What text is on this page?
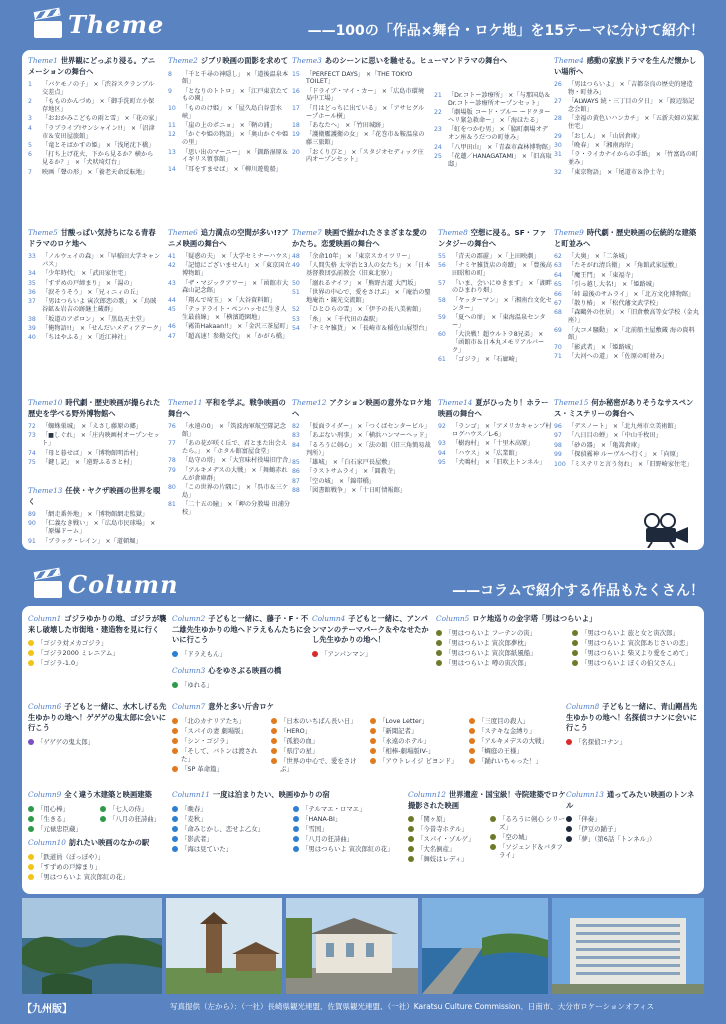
Theme	——100の「作品×舞台・ロケ地」を15テーマに分けて紹介！
Theme1 世界観にどっぷり浸る。アニメーションの舞台へ
1	「バケモノの子」 ×「渋谷スクランブル交差点」
2	「もものかんづめ」 ×「御手洗町立小保存地区」
3	「おおかみこどもの雨と雪」 ×「花の家」
4	「ラブライブ!サンシャイン!!」 ×「沼津市＆安田屋旅館」
5	「竜とそばかすの姫」 ×「浅尾沈下橋」
6	「打ち上げ花火、下から見るか？横から見るか？」 ×「犬吠埼灯台」
7	映画「聲の形」 ×「養老天命反転地」
Theme2 ジブリ映画の面影を求めて
8	「千と千尋の神隠し」 ×「道後温泉本館」
9	「となりのトトロ」 ×「江戸東京たてもの園」
10 「もののけ姫」 ×「屋久島白谷雲水峡」
11 「崖の上のポニョ」 ×「鞆の浦」
12 「かぐや姫の物語」 ×「奥山かぐや姫の里」
13 「思い出のマーニー」 ×「釧路湿原＆イギリス領事館」
14 「耳をすませば」 ×「柳川遊覧船」
Theme3 あのシーンに思いを馳せる。ヒューマンドラマの舞台へ
15 「PERFECT DAYS」 ×「THE TOKYO TOILET」
16 「ドライブ・マイ・カー」 ×「広島市環境局中工場」
17 「月はどっちに出ている」 ×「アサヒグループホール横」
18 「あなたへ」 ×「竹田城跡」
19 「護衛艦護衛の女」 ×「花巻市＆鞍温泉の藤三旅館」
20 「おくりびと」 ×「スタジオセディック庄内オープンセット」
21 「Dr.コトー診療所」 ×「与那国島＆Dr.コトー診療所オープンセット」
22 「劇場版 コード・ブルー ードクターヘリ緊急救命ー」 ×「海ほたる」
23 「虹をつかむ男」 ×「脇町劇場オデオン座＆うだつの町並み」
24 「八甲田山」 ×「青森市森林博物館」
25 「花蓮／HANAGATAMI」 ×「旧高取邸」
Theme4 感動の家族ドラマを生んだ懐かしい場所へ
26 「男はつらいよ」 ×「吉都奈良の歴史的建造物・町並み」
27 「ALWAYS 続・三丁目の夕日」 ×「渡辺翁記念会館」
28 「幸福の黄色いハンカチ」 ×「五新夫婦の炭鉱住宅」
29 「おしん」 ×「山居倉庫」
30 「晩春」 ×「湘南海岸」
31 「ラ・ライカナイからの手紙」 ×「竹富島の町並み」
32 「東京物語」 ×「尾道市＆浄土寺」
Theme5 甘酸っぱい気持ちになる青春ドラマのロケ地へ
33 「ノルウェイの森」 ×「早稲田大学キャンパス」
34 「少年時代」 ×「武田家住宅」
35 「すずめの戸締まり」 ×「湯の」
36 「涙そうそう」 ×「兄ィニィの丘」
37 「男はつらいよ 寅次郎恋の歌」 ×「烏賊谷鉱＆岩吉の跡継土蔵群」
38 「坂道のアポロン」 ×「黒島天主堂」
39 「俺物語!!」 ×「せんだいメディアテーク」
40 「ちはやふる」 ×「近江神社」
Theme6 追力満点の空間が多い!?アニメ映画の舞台へ
41 「疑惑の夫」 ×「大学セミナーハウス」
42 「記憶にございません!」 ×「東京国立博物館」
43 「ザ・マジックアワー」 ×「函館市大森山記念館」
44 「翔んで埼玉」 ×「大谷資料館」
45 「テッドライト・ペンハッセに生き人生最前線」 ×「横濱遊園地」
46 「霧笛Hakaan!!」 ×「金沢三茶屋町」
47 「超高速！参勤交代」 ×「かがら橋」
Theme7 映画で描かれたさまざまな愛のかたち。恋愛映画の舞台へ
48 「余命10年」 ×「東京スカイツリー」
49 「人間失格 太宰治と3人の女たち」 ×「日本基督教団弘前教会（旧東北寮）」
50 「溺れるナイフ」 ×「熊野古道 大門坂」
51 「世界の中心で、愛をさけぶ」 ×「庵治の聖地庵治・観光交流館」
52 「ひとひらの雪」 ×「伊予の長八美術館」
53 「糸」 ×「千代田の森駅」
54 「ナミヤ雑貨」 ×「長崎市＆稲佐山展望台」
Theme8 空想に浸る。SF・ファンタジーの舞台へ
55 「青天の霹靂」 ×「上田映劇」
56 「ナミヤ雑貨店の奇蹟」 ×「豊後高田昭和の町」
57 「いま、会いにゆきます」 ×「湖畔のひまわり畑」
58 「ヤッターマン」 ×「湘南台文化センター」
59 「夏への扉」 ×「東海温泉センター」
60 「大決戦！超ウルトラ8兄弟」 ×「函館市＆日本丸メモリアルパーク」
61 「ゴジラ」 ×「石廊崎」
Theme9 時代劇・歴史映画の伝統的な建築と町並みへ
62 「大奥」 ×「二条城」
63 「たそがれ清兵衛」 ×「角館武家屋敷」
64 「魔王門」 ×「東福寺」
65 「引っ越し大名!」 ×「姫路城」
66 「峠 最後のサムライ」 ×「北方文化博物館」
67 「散り椿」 ×「松代藩文武学校」
68 「森鷗外の住居」 ×「旧倉敷高等女学校（金丸座）」
69 「大コメ騒動」 ×「北前船主屋敷蔵 海の資料館」
70 「影武者」 ×「姫路城」
71 「大河への道」 ×「佐原の町並み」
Theme10 時代劇・歴史映画が撮られた歴史を学べる野外博物館へ
72 「蜘蛛巣城」 ×「えさし藤原の郷」
73 「■しぐれ」 ×「庄内映画村オープンセット」
74 「母と暮せば」 ×「博物館明治村」
75 「鍵し記」 ×「遠野ふるさと村」
Theme13 任侠・ヤクザ映画の世界を覗く
89 「網走番外地」 ×「博物館網走監獄」
90 「仁義なき戦い」 ×「広島市民球場」 ×「原爆ドーム」
91 「ブラック・レイン」 ×「道頓堀」
Theme11 平和を学ぶ。戦争映画の舞台へ
76 「永遠の0」 ×「筑波海軍航空隊記念館」
77 「あの花が咲く丘で、君とまた出会えたら。」 ×「ホタル館富屋食堂」
78 「島守の塔」 ×「大宜味村役場旧庁舎」
79 「アルキメデスの大戦」 ×「舞鶴赤れんが倉庫群」
80 「この世界の片隅に」 ×「呉市＆三ケ島」
81 「二十五の瞳」 ×「岬の分教場 田浦分校」
Theme12 アクション映画の意外なロケ地へ
82 「仮面ライダー」 ×「つくばセンタービル」
83 「あぶない刑事」 ×「横浜ハンマーヘッド」
84 「るろうに剣心」 ×「法の館（旧三角簡易裁判所）」
85 「雄城」 ×「白石家戸長屋敷」
86 「ラストサムライ」 ×「圓教寺」
87 「空の城」 ×「錦帯橋」
88 「図書館戦争」 ×「十日町情報館」
Theme14 夏がひったり！ホラー映画の舞台へ
92 「ランゴ」 ×「アメリカキャンプ村 ログハウス／L-6」
93 「樹海村」 ×「十里木高原」
94 「ハウス」 ×「広業館」
95 「犬鳴村」 ×「旧吹上トンネル」
Theme15 何か秘密がありそうなサスペンス・ミステリーの舞台へ
96 「デスノート」 ×「北九州市立美術館」
97 「八日目の蝉」 ×「中山千枚田」
98 「砂の器」 ×「亀嵩倉庫」
99 「探偵霧神 ルーヴルへ行く」 ×「向原」
100 「ミステリと言う勿れ」 ×「旧野崎家住宅」
Column	——コラムで紹介する作品もたくさん！
Column1 ゴジラゆかりの地、ゴジラが襲来し破壊した市街地・建造物を見に行く
「ゴジラ対メカゴジラ」
「ゴジラ2000 ミレニアム」
「ゴジラ-1.0」
Column2 子どもと一緒に、藤子・F・不二雄先生ゆかりの地へドラえもんたちに会いに行こう
「ドラえもん」
Column3 心をゆさぶる映画の橋
「ゆれる」
Column4 子どもと一緒に、アンパンマンのテーマパーク＆やなせたかし先生ゆかりの地へ！
「アンパンマン」
Column5 ロケ地巡りの金字塔「男はつらいよ」
「男はつらいよ フーテンの寅」
「男はつらいよ 寅次郎夢枕」
「男はつらいよ 寅次郎紙風船」
「男はつらいよ 噂の寅次郎」
「男はつらいよ 旅と女と寅次郎」
「男はつらいよ 寅次郎あじさいの恋」
「男はつらいよ 柴又より愛をこめて」
「男はつらいよ ぼくの伯父さん」
Column6 子どもと一緒に、水木しげる先生ゆかりの地へ！ゲゲゲの鬼太郎に会いに行こう
「ゲゲゲの鬼太郎」
Column7 意外と多い斤舎ロケ
「北のカナリアたち」
「スパイの妻 劇場版」
「シン・ゴジラ」
「そして、バトンは渡された」
「SP 革命篇」
「日本のいちばん長い日」
「HERO」
「孤狼の血」
「県庁の星」
「世界の中心で、愛をさけぶ」
「Love Letter」
「新聞記者」
「永遠のホテル」
「相棒-劇場版IV-」
「アウトレイジ ビヨンド」
「三度目の殺人」
「ステキな金縛り」
「アルキメデスの大戦」
「蜩庭の王様」
「踊れいちゃった！」
Column8 子どもと一緒に、青山剛昌先生ゆかりの地へ！名探偵コナンに会いに行こう
「名探偵コナン」
Column9 全く違う木建築と映画建築
「用心棒」
「生きる」
「元禄忠臣蔵」
「七人の侍」
「八月の狂詩曲」
Column10 訪れたい映画のなかの駅
「鉄道員（ぽっぽや）」
「すずめの戸締まり」
「男はつらいよ 寅次郎紅の花」
Column11 一度は泊まりたい、映画ゆかりの宿
「晩春」
「麦秋」
「命みじかし、恋せよ乙女」
「影武者」
「海は見ていた」
「テルマエ・ロマエ」
「HANA-BI」
「雪国」
「八月の狂詩曲」
「男はつらいよ 寅次郎紅の花」
Column12 世界遺産・国宝級！寺院建築でロケ撮影された映画
「関ヶ原」
「今昔寺ホテル」
「スパイ・ゾルゲ」
「大名倒産」
「舞妓はレディ」
「るろうに剣心 シリーズ」
「空の城」
「ソジェンド＆バタフライ」
Column13 通ってみたい映画のトンネル
「伴奏」
「伊豆の踊子」
「夢」（第6話「トンネル」）
【九州版】	写真提供（左から）：（一社）長崎県観光連盟、佐賀県観光連盟、（一社）Karatsu Culture Commission、日南市、大分市ロケーションオフィス
